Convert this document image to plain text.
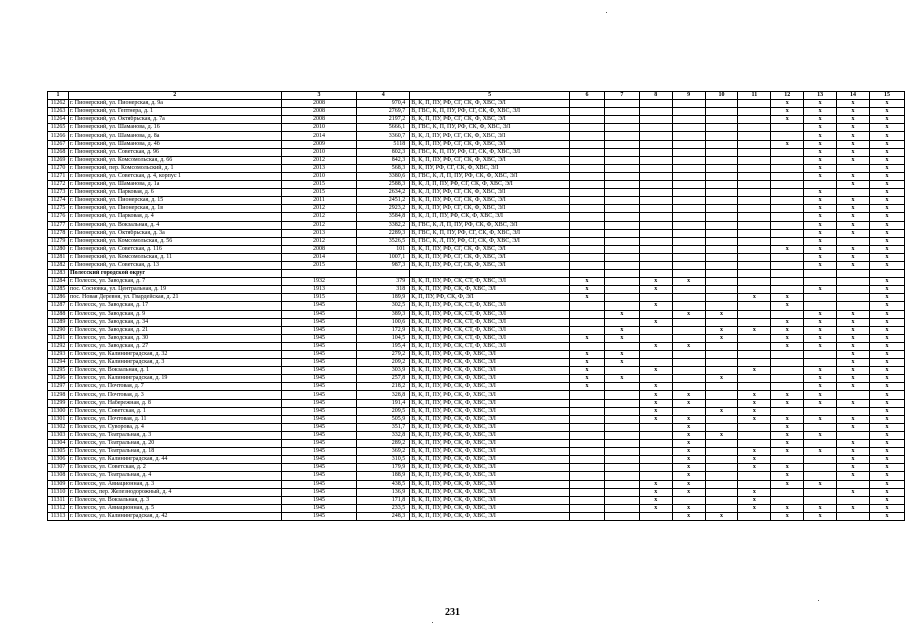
1	2	3	4	5	6	7	8	9	10	11	12	13	14	15
11262	г. Пионерский, ул. Пионерская, д. 9а	2008	970,4	В, К, П, ПУ, РФ, СГ, СК, Ф, ХВС, ЭЛ							x	x	x	x
11263	г. Пионерский, ул. Гептнера, д. 1	2008	2769,7	В, ГВС, К, П, ПУ, РФ, СГ, СК, Ф, ХВС, ЭЛ							x	x	x	x
11264	г. Пионерский, ул. Октябрьская, д. 7а	2008	2197,2	В, К, П, ПУ, РФ, СГ, СК, Ф, ХВС, ЭЛ							x	x	x	x
11265	г. Пионерский, ул. Шаманова, д. 16	2010	5666,1	В, ГВС, К, П, ПУ, РФ, СК, Ф, ХВС, ЭЛ								x	x	x
11266	г. Пионерский, ул. Шаманова, д. 8а	2014	3360,7	В, К, Л, ПУ, РФ, СГ, СК, Ф, ХВС, ЭЛ								x	x	x
11267	г. Пионерский, ул. Шаманова, д. 4б	2009	5118	В, К, П, ПУ, РФ, СГ, СК, Ф, ХВС, ЭЛ							x	x	x	x
11268	г. Пионерский, ул. Советская, д. 96	2010	802,3	В, ГВС, К, П, ПУ, РФ, СГ, СК, Ф, ХВС, ЭЛ								x	x	x
11269	г. Пионерский, ул. Комсомольская, д. 66	2012	842,3	В, К, П, ПУ, РФ, СГ, СК, Ф, ХВС, ЭЛ								x	x	x
11270	г. Пионерский, пер. Комсомольский, д. 1	2013	568,3	В, К, ПУ, РФ, СГ, СК, Ф, ХВС, ЭЛ								x		x
11271	г. Пионерский, ул. Советская, д. 4, корпус 1	2010	3380,6	В, ГВС, К, Л, П, ПУ, РФ, СК, Ф, ХВС, ЭЛ								x	x	x
11272	г. Пионерский, ул. Шаманова, д. 1а	2015	2588,3	В, К, Л, П, ПУ, РФ, СГ, СК, Ф, ХВС, ЭЛ									x	x
11273	г. Пионерский, ул. Парковая, д. 6	2015	2634,2	В, К, Л, ПУ, РФ, СГ, СК, Ф, ХВС, ЭЛ								x		x
11274	г. Пионерский, ул. Пионерская, д. 15	2011	2451,2	В, К, П, ПУ, РФ, СГ, СК, Ф, ХВС, ЭЛ								x	x	x
11275	г. Пионерский, ул. Пионерская, д. 1в	2012	2923,2	В, К, Л, ПУ, РФ, СГ, СК, Ф, ХВС, ЭЛ								x	x	x
11276	г. Пионерский, ул. Парковая, д. 4	2012	3584,8	В, К, Л, П, ПУ, РФ, СК, Ф, ХВС, ЭЛ								x	x	x
11277	г. Пионерский, ул. Вокзальная, д. 4	2012	3382,2	В, ГВС, К, Л, П, ПУ, РФ, СК, Ф, ХВС, ЭЛ								x	x	x
11278	г. Пионерский, ул. Октябрьская, д. 3а	2013	2289,3	В, ГВС, К, П, ПУ, РФ, СГ, СК, Ф, ХВС, ЭЛ								x	x	x
11279	г. Пионерский, ул. Комсомольская, д. 56	2012	3526,5	В, ГВС, К, Л, ПУ, РФ, СГ, СК, Ф, ХВС, ЭЛ								x		x
11280	г. Пионерский, ул. Советская, д. 116	2008	101	В, К, П, ПУ, РФ, СГ, СК, Ф, ХВС, ЭЛ							x	x	x	x
11281	г. Пионерский, ул. Комсомольская, д. 11	2014	1007,1	В, К, П, ПУ, РФ, СГ, СК, Ф, ХВС, ЭЛ								x	x	x
11282	г. Пионерский, ул. Советская, д. 13	2015	987,3	В, К, П, ПУ, РФ, СГ, СК, Ф, ХВС, ЭЛ								x	x	x
11283	Полесский городской округ													
11284	г. Полесск, ул. Заводская, д. 7	1932	379	В, К, П, ПУ, РФ, СК, СТ, Ф, ХВС, ЭЛ	x		x	x						x
11285	пос. Сосновка, ул. Центральная, д. 19	1913	318	В, К, П, ПУ, РФ, СК, Ф, ХВС, ЭЛ	x		x					x		x
11286	пос. Новая Деревня, ул. Гвардейская, д. 21	1915	189,9	К, П, ПУ, РФ, СК, Ф, ЭЛ	x					x	x			x
11287	г. Полесск, ул. Заводская, д. 17	1945	302,5	В, К, П, ПУ, РФ, СК, СТ, Ф, ХВС, ЭЛ			x				x			x
11288	г. Полесск, ул. Заводская, д. 9	1945	389,3	В, К, П, ПУ, РФ, СК, СТ, Ф, ХВС, ЭЛ		x		x	x			x	x	x
11289	г. Полесск, ул. Заводская, д. 34	1945	100,6	В, К, П, ПУ, РФ, СК, СТ, Ф, ХВС, ЭЛ			x				x	x	x	x
11290	г. Полесск, ул. Заводская, д. 21	1945	172,9	В, К, П, ПУ, РФ, СК, СТ, Ф, ХВС, ЭЛ		x			x	x	x	x	x	x
11291	г. Полесск, ул. Заводская, д. 30	1945	104,5	В, К, П, ПУ, РФ, СК, СТ, Ф, ХВС, ЭЛ	x	x			x		x	x	x	x
11292	г. Полесск, ул. Заводская, д. 27	1945	195,4	В, К, П, ПУ, РФ, СК, СТ, Ф, ХВС, ЭЛ			x	x			x	x	x	x
11293	г. Полесск, ул. Калининградская, д. 32	1945	279,2	В, К, П, ПУ, РФ, СК, Ф, ХВС, ЭЛ	x	x							x	x
11294	г. Полесск, ул. Калининградская, д. 3	1945	209,2	В, К, П, ПУ, РФ, СК, Ф, ХВС, ЭЛ	x	x							x	x
11295	г. Полесск, ул. Вокзальная, д. 1	1945	303,9	В, К, П, ПУ, РФ, СК, Ф, ХВС, ЭЛ	x		x			x		x	x	x
11296	г. Полесск, ул. Калининградская, д. 19	1945	257,8	В, К, П, ПУ, РФ, СК, Ф, ХВС, ЭЛ	x	x			x			x	x	x
11297	г. Полесск, ул. Почтовая, д. 7	1945	218,2	В, К, П, ПУ, РФ, СК, Ф, ХВС, ЭЛ	x		x					x	x	x
11298	г. Полесск, ул. Почтовая, д. 3	1945	328,8	В, К, П, ПУ, РФ, СК, Ф, ХВС, ЭЛ			x	x		x	x	x		x
11299	г. Полесск, ул. Набережная, д. 8	1945	191,4	В, К, П, ПУ, РФ, СК, Ф, ХВС, ЭЛ			x	x		x	x	x	x	x
11300	г. Полесск, ул. Советская, д. 1	1945	209,5	В, К, П, ПУ, РФ, СК, Ф, ХВС, ЭЛ			x		x	x				x
11301	г. Полесск, ул. Почтовая, д. 11	1945	505,9	В, К, П, ПУ, РФ, СК, Ф, ХВС, ЭЛ			x	x		x	x	x	x	x
11302	г. Полесск, ул. Суворова, д. 4	1945	351,7	В, К, П, ПУ, РФ, СК, Ф, ХВС, ЭЛ				x			x		x	x
11303	г. Полесск, ул. Театральная, д. 3	1945	332,8	В, К, П, ПУ, РФ, СК, Ф, ХВС, ЭЛ				x	x		x	x		x
11304	г. Полесск, ул. Театральная, д. 20	1945	289,2	В, К, П, ПУ, РФ, СК, Ф, ХВС, ЭЛ				x			x		x	x
11305	г. Полесск, ул. Театральная, д. 18	1945	369,2	В, К, П, ПУ, РФ, СК, Ф, ХВС, ЭЛ				x		x	x	x	x	x
11306	г. Полесск, ул. Калининградская, д. 44	1945	310,5	В, К, П, ПУ, РФ, СК, Ф, ХВС, ЭЛ				x		x			x	x
11307	г. Полесск, ул. Советская, д. 2	1945	179,9	В, К, П, ПУ, РФ, СК, Ф, ХВС, ЭЛ				x		x	x		x	x
11308	г. Полесск, ул. Театральная, д. 4	1945	188,9	В, К, П, ПУ, РФ, СК, Ф, ХВС, ЭЛ				x			x		x	x
11309	г. Полесск, ул. Авиационная, д. 3	1945	438,5	В, К, П, ПУ, РФ, СК, Ф, ХВС, ЭЛ			x	x			x	x		x
11310	г. Полесск, пер. Железнодорожный, д. 4	1945	136,9	В, К, П, ПУ, РФ, СК, Ф, ХВС, ЭЛ			x	x		x			x	x
11311	г. Полесск, ул. Вокзальная, д. 3	1945	171,8	В, К, П, ПУ, РФ, СК, Ф, ХВС, ЭЛ			x			x				x
11312	г. Полесск, ул. Авиационная, д. 5	1945	233,5	В, К, П, ПУ, РФ, СК, Ф, ХВС, ЭЛ			x	x		x	x	x	x	x
11313	г. Полесск, ул. Калининградская, д. 42	1945	248,3	В, К, П, ПУ, РФ, СК, Ф, ХВС, ЭЛ				x	x		x	x		x
231
